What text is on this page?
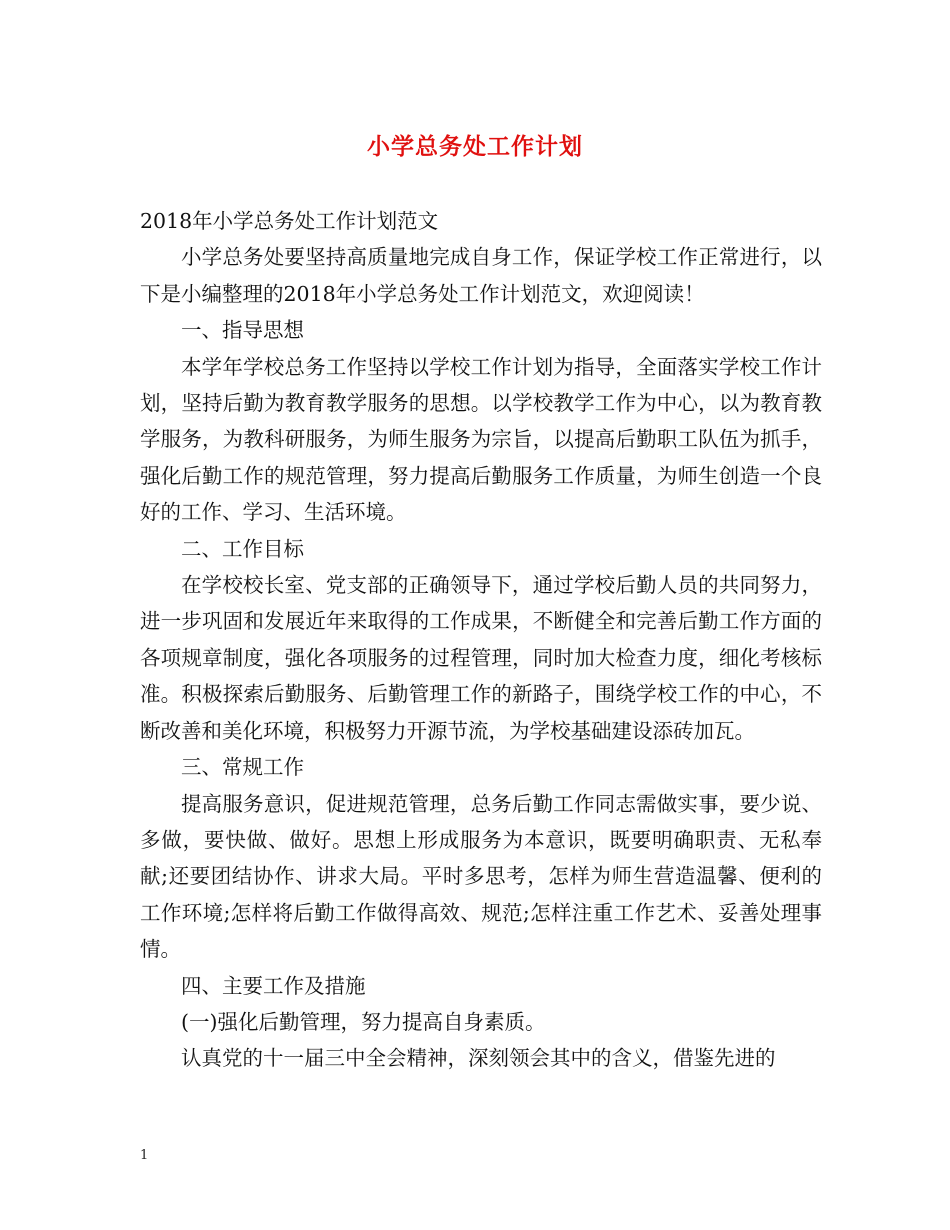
小学总务处工作计划

2018年小学总务处工作计划范文

小学总务处要坚持高质量地完成自身工作，保证学校工作正常进行，以下是小编整理的2018年小学总务处工作计划范文，欢迎阅读！

一、指导思想

本学年学校总务工作坚持以学校工作计划为指导，全面落实学校工作计划，坚持后勤为教育教学服务的思想。以学校教学工作为中心，以为教育教学服务，为教科研服务，为师生服务为宗旨，以提高后勤职工队伍为抓手，强化后勤工作的规范管理，努力提高后勤服务工作质量，为师生创造一个良好的工作、学习、生活环境。

二、工作目标

在学校校长室、党支部的正确领导下，通过学校后勤人员的共同努力，进一步巩固和发展近年来取得的工作成果，不断健全和完善后勤工作方面的各项规章制度，强化各项服务的过程管理，同时加大检查力度，细化考核标准。积极探索后勤服务、后勤管理工作的新路子，围绕学校工作的中心，不断改善和美化环境，积极努力开源节流，为学校基础建设添砖加瓦。

三、常规工作

提高服务意识，促进规范管理，总务后勤工作同志需做实事，要少说、多做，要快做、做好。思想上形成服务为本意识，既要明确职责、无私奉献;还要团结协作、讲求大局。平时多思考，怎样为师生营造温馨、便利的工作环境;怎样将后勤工作做得高效、规范;怎样注重工作艺术、妥善处理事情。

四、主要工作及措施

(一)强化后勤管理，努力提高自身素质。

认真党的十一届三中全会精神，深刻领会其中的含义，借鉴先进的

1
